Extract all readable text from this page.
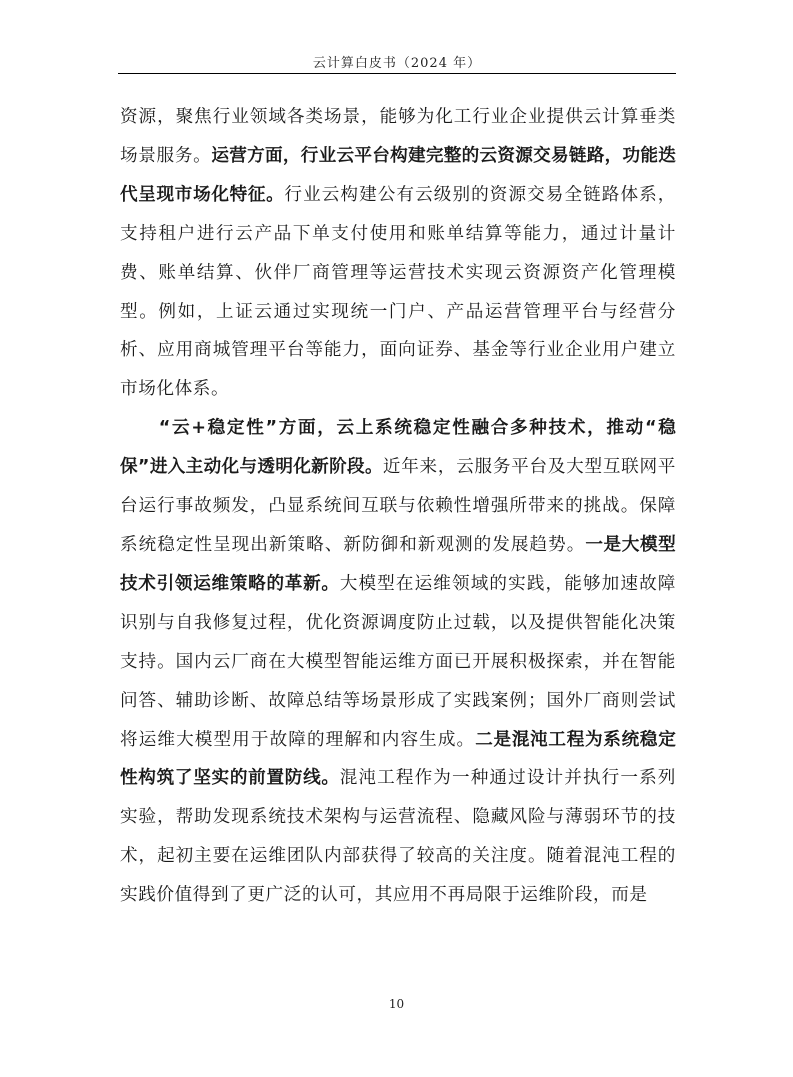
云计算白皮书（2024 年）

资源，聚焦行业领域各类场景，能够为化工行业企业提供云计算垂类场景服务。运营方面，行业云平台构建完整的云资源交易链路，功能迭代呈现市场化特征。行业云构建公有云级别的资源交易全链路体系，支持租户进行云产品下单支付使用和账单结算等能力，通过计量计费、账单结算、伙伴厂商管理等运营技术实现云资源资产化管理模型。例如，上证云通过实现统一门户、产品运营管理平台与经营分析、应用商城管理平台等能力，面向证券、基金等行业企业用户建立市场化体系。

“云+稳定性”方面，云上系统稳定性融合多种技术，推动“稳保”进入主动化与透明化新阶段。近年来，云服务平台及大型互联网平台运行事故频发，凸显系统间互联与依赖性增强所带来的挑战。保障系统稳定性呈现出新策略、新防御和新观测的发展趋势。一是大模型技术引领运维策略的革新。大模型在运维领域的实践，能够加速故障识别与自我修复过程，优化资源调度防止过载，以及提供智能化决策支持。国内云厂商在大模型智能运维方面已开展积极探索，并在智能问答、辅助诊断、故障总结等场景形成了实践案例；国外厂商则尝试将运维大模型用于故障的理解和内容生成。二是混沌工程为系统稳定性构筑了坚实的前置防线。混沌工程作为一种通过设计并执行一系列实验，帮助发现系统技术架构与运营流程、隐藏风险与薄弱环节的技术，起初主要在运维团队内部获得了较高的关注度。随着混沌工程的实践价值得到了更广泛的认可，其应用不再局限于运维阶段，而是

10
